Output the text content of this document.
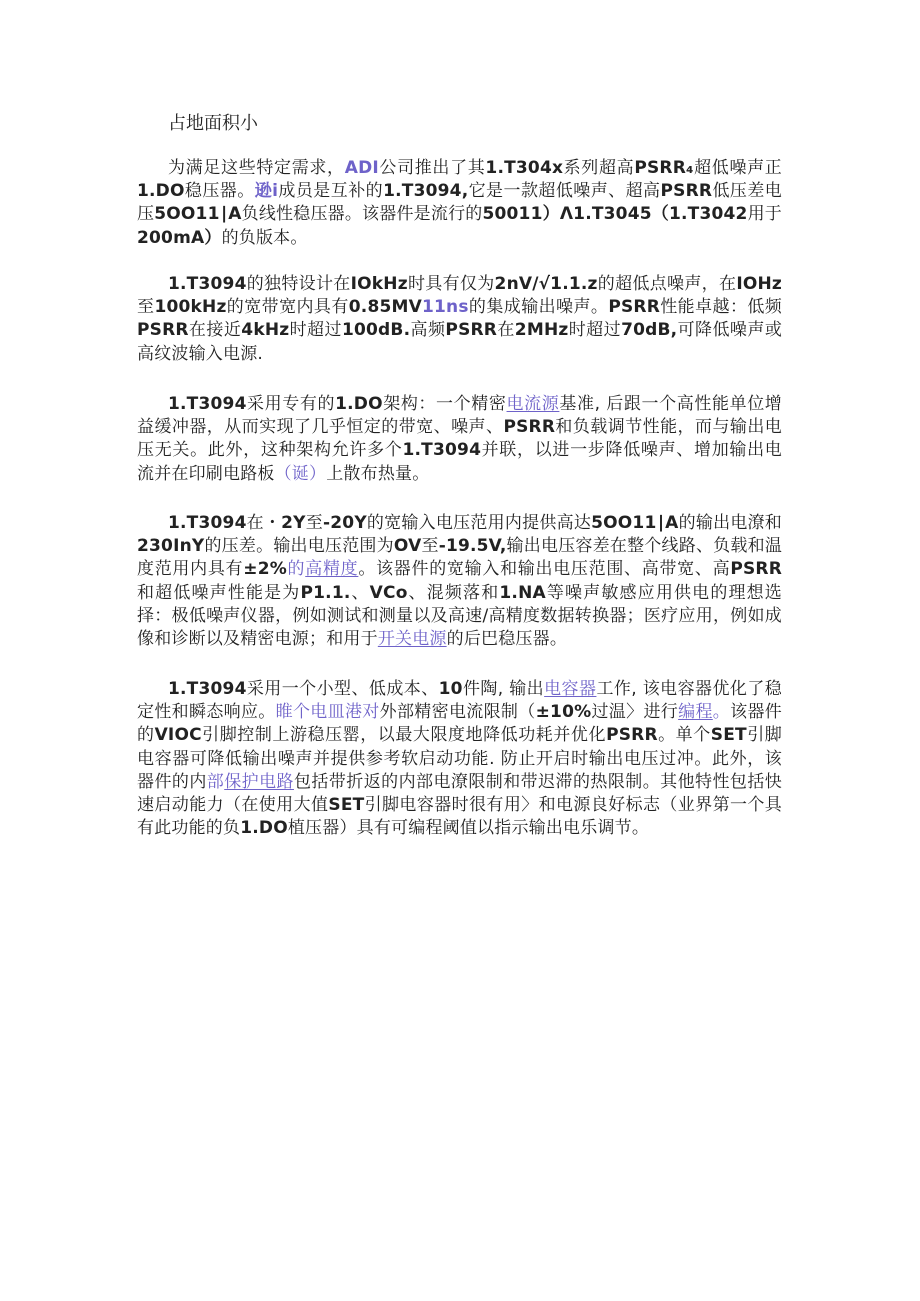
占地面积小

为满足这些特定需求，ADI公司推出了其1.T304x系列超高PSRR₄超低噪声正1.DO稳压器。逊i成员是互补的1.T3094,它是一款超低噪声、超高PSRR低压差电压5OO11∣A负线性稳压器。该器件是流行的50011）Λ1.T3045（1.T3042用于200mA）的负版本。

1.T3094的独特设计在IOkHz时具有仅为2nV/√1.1.z的超低点噪声，在IOHz至100kHz的宽带宽内具有0.85MV11ns的集成输出噪声。PSRR性能卓越：低频PSRR在接近4kHz时超过100dB.高频PSRR在2MHz时超过70dB,可降低噪声或高纹波输入电源.

1.T3094采用专有的1.DO架构：一个精密电流源基准, 后跟一个高性能单位增益缓冲器，从而实现了几乎恒定的带宽、噪声、PSRR和负载调节性能，而与输出电压无关。此外，这种架构允许多个1.T3094并联，以进一步降低噪声、增加输出电流并在印刷电路板（诞）上散布热量。

1.T3094在・2Y至-20Y的宽输入电压范用内提供高达5OO11∣A的输出电潦和230InY的压差。输出电压范围为OV至-19.5V,输出电压容差在整个线路、负载和温度范用内具有±2%的高精度。该器件的宽输入和输出电压范围、高带宽、高PSRR和超低噪声性能是为P1.1.、VCo、混频落和1.NA等噪声敏感应用供电的理想选择：极低噪声仪器，例如测试和测量以及高速/高精度数据转换器；医疗应用，例如成像和诊断以及精密电源；和用于开关电源的后巴稳压器。

1.T3094采用一个小型、低成本、10件陶, 输出电容器工作, 该电容器优化了稳定性和瞬态响应。睢个电皿港对外部精密电流限制（±10%过温〉进行编程。该器件的VIOC引脚控制上游稳压罂，以最大限度地降低功耗并优化PSRR。单个SET引脚电容器可降低输出噪声并提供参考软启动功能. 防止开启时输出电压过冲。此外，该器件的内部保护电路包括带折返的内部电潦限制和带迟滞的热限制。其他特性包括快速启动能力（在使用大值SET引脚电容器时很有用〉和电源良好标志（业界第一个具有此功能的负1.DO植压器）具有可编程阈值以指示输出电乐调节。
